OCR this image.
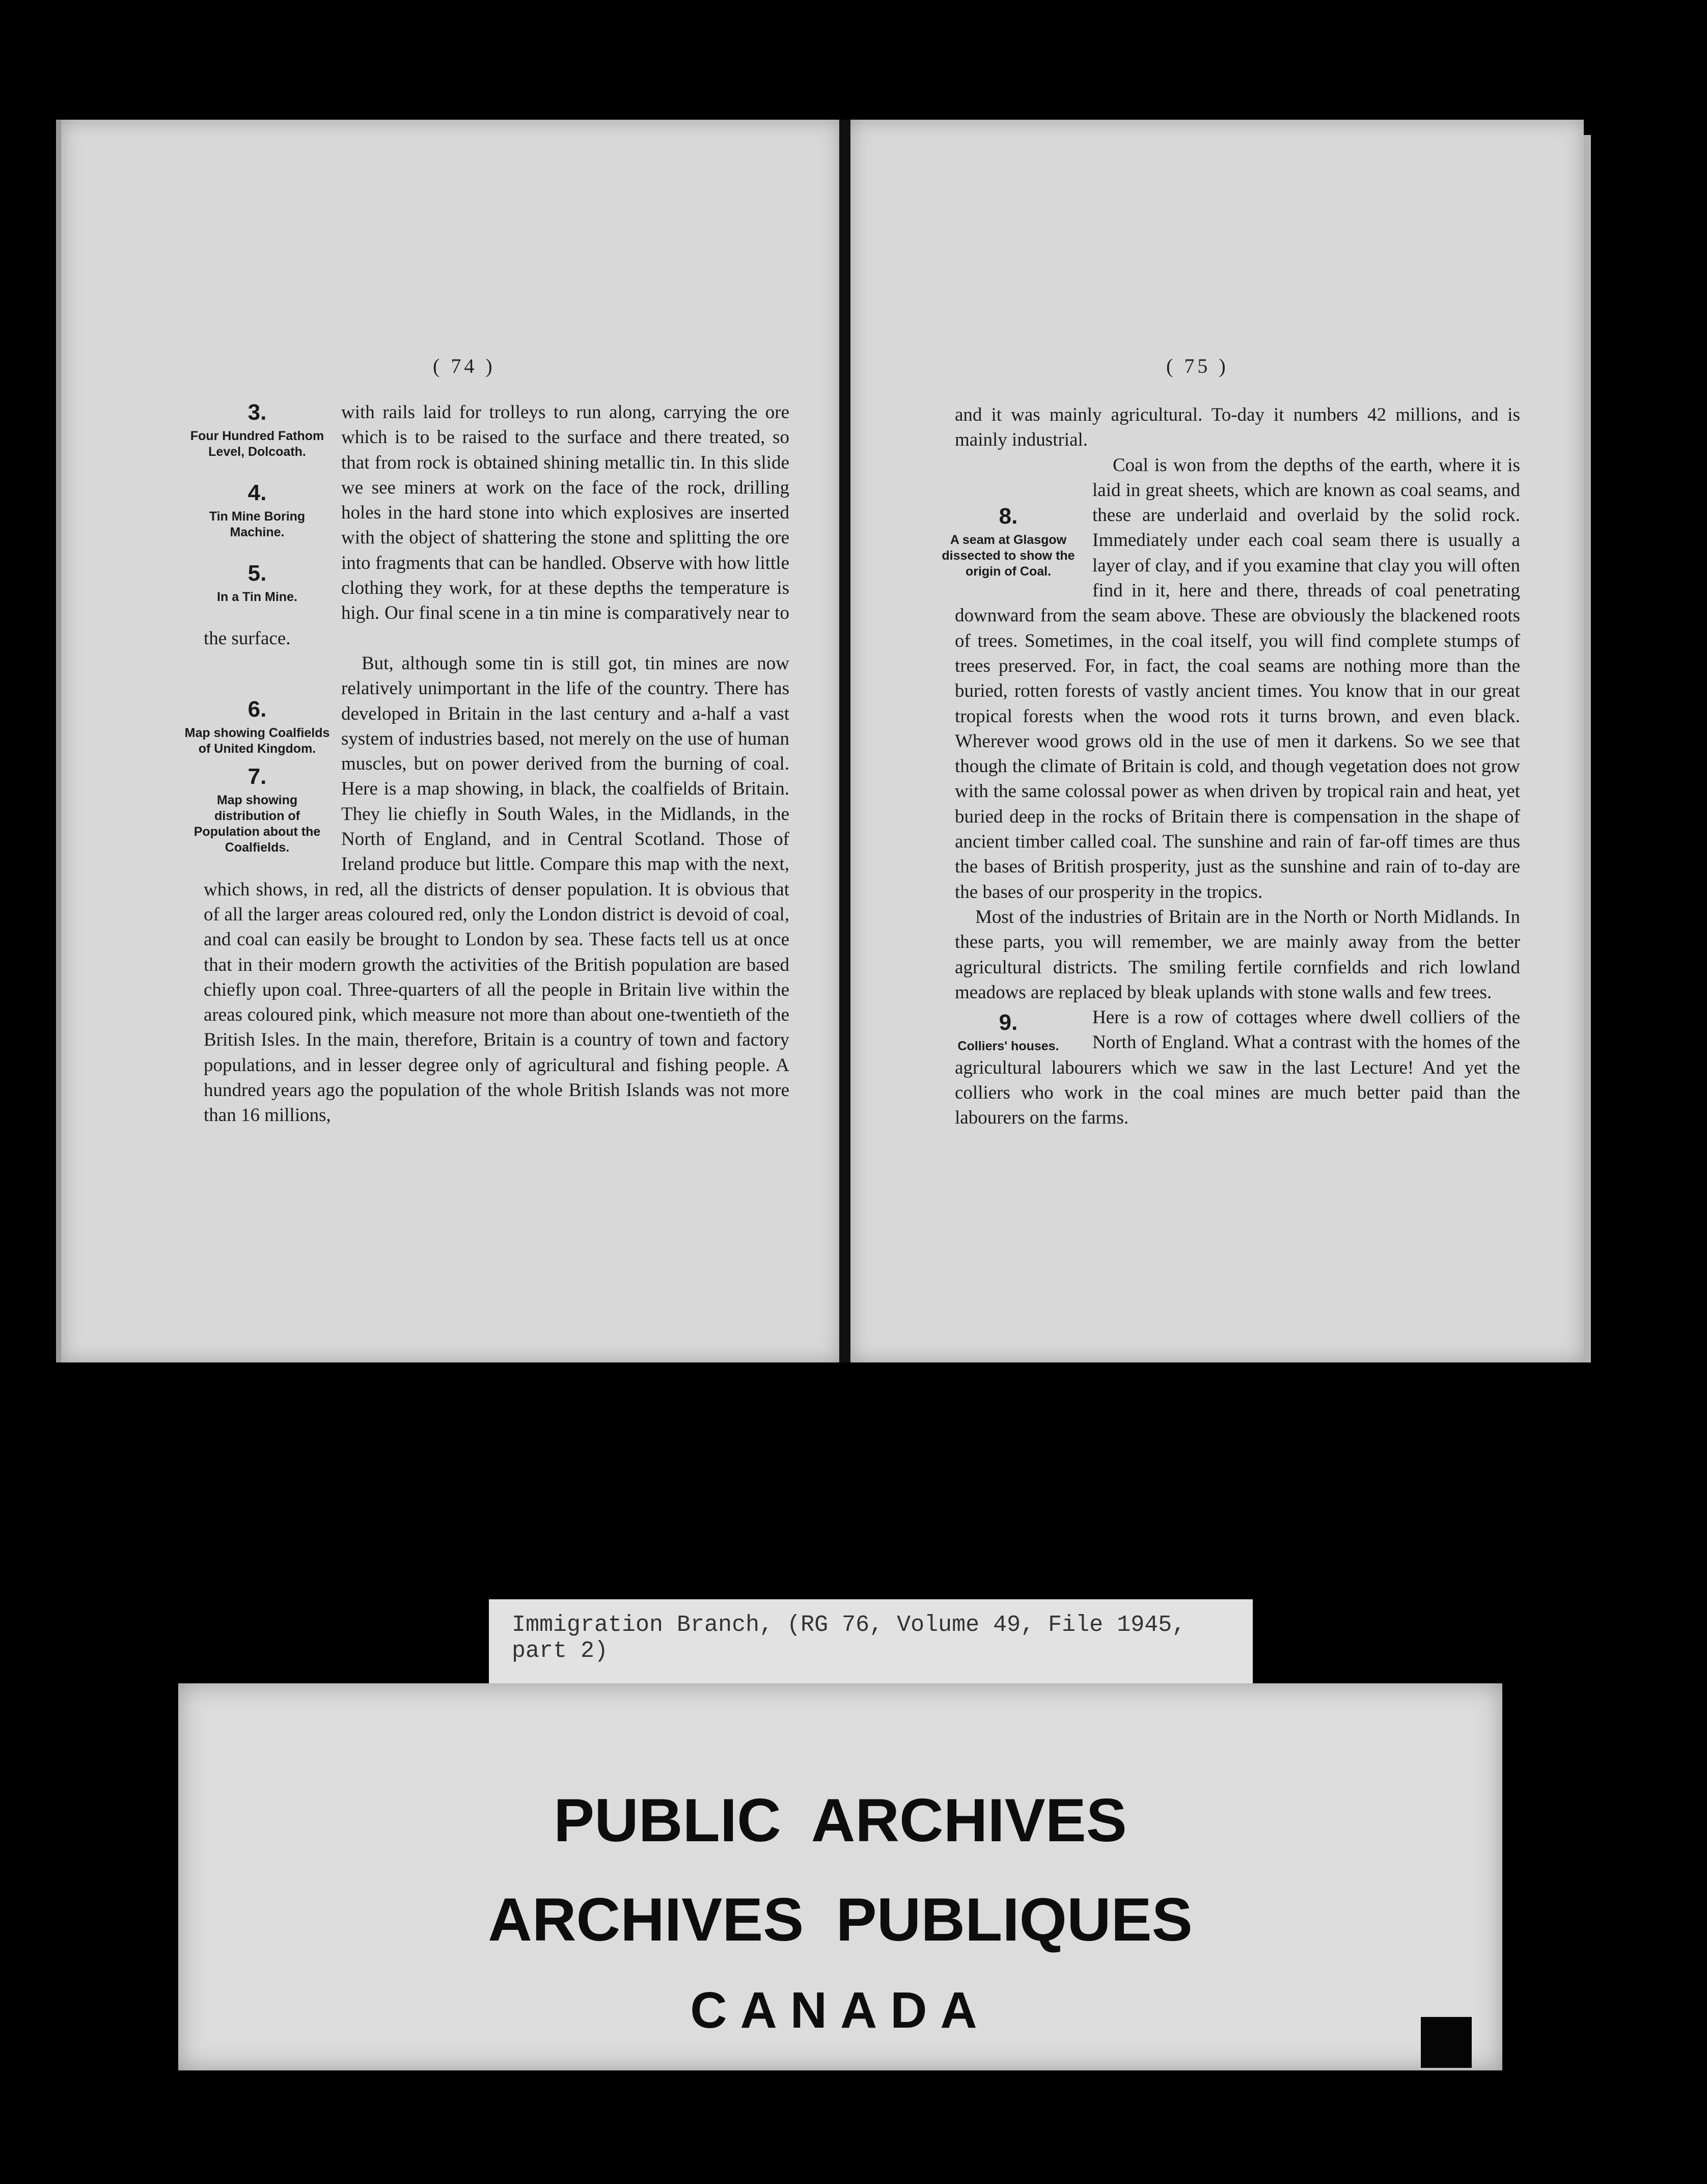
( 74 )
3.
Four Hundred Fathom Level, Dolcoath.
4.
Tin Mine Boring Machine.
5.
In a Tin Mine.

with rails laid for trolleys to run along, carrying the ore which is to be raised to the surface and there treated, so that from rock is obtained shining metallic tin. In this slide we see miners at work on the face of the rock, drilling holes in the hard stone into which explosives are inserted with the object of shattering the stone and splitting the ore into fragments that can be handled. Observe with how little clothing they work, for at these depths the temperature is high. Our final scene in a tin mine is comparatively near to the surface.

6.
Map showing Coalfields of United Kingdom.
7.
Map showing distribution of Population about the Coalfields.

But, although some tin is still got, tin mines are now relatively unimportant in the life of the country. There has developed in Britain in the last century and a-half a vast system of industries based, not merely on the use of human muscles, but on power derived from the burning of coal. Here is a map showing, in black, the coalfields of Britain. They lie chiefly in South Wales, in the Midlands, in the North of England, and in Central Scotland. Those of Ireland produce but little. Compare this map with the next, which shows, in red, all the districts of denser population. It is obvious that of all the larger areas coloured red, only the London district is devoid of coal, and coal can easily be brought to London by sea. These facts tell us at once that in their modern growth the activities of the British population are based chiefly upon coal. Three-quarters of all the people in Britain live within the areas coloured pink, which measure not more than about one-twentieth of the British Isles. In the main, therefore, Britain is a country of town and factory populations, and in lesser degree only of agricultural and fishing people. A hundred years ago the population of the whole British Islands was not more than 16 millions,

( 75 )

and it was mainly agricultural. To-day it numbers 42 millions, and is mainly industrial.

8.
A seam at Glasgow dissected to show the origin of Coal.

Coal is won from the depths of the earth, where it is laid in great sheets, which are known as coal seams, and these are underlaid and overlaid by the solid rock. Immediately under each coal seam there is usually a layer of clay, and if you examine that clay you will often find in it, here and there, threads of coal penetrating downward from the seam above. These are obviously the blackened roots of trees. Sometimes, in the coal itself, you will find complete stumps of trees preserved. For, in fact, the coal seams are nothing more than the buried, rotten forests of vastly ancient times. You know that in our great tropical forests when the wood rots it turns brown, and even black. Wherever wood grows old in the use of men it darkens. So we see that though the climate of Britain is cold, and though vegetation does not grow with the same colossal power as when driven by tropical rain and heat, yet buried deep in the rocks of Britain there is compensation in the shape of ancient timber called coal. The sunshine and rain of far-off times are thus the bases of British prosperity, just as the sunshine and rain of to-day are the bases of our prosperity in the tropics.

Most of the industries of Britain are in the North or North Midlands. In these parts, you will remember, we are mainly away from the better agricultural districts. The smiling fertile cornfields and rich lowland meadows are replaced by bleak uplands with stone walls and few trees.

9.
Colliers' houses.

Here is a row of cottages where dwell colliers of the North of England. What a contrast with the homes of the agricultural labourers which we saw in the last Lecture! And yet the colliers who work in the coal mines are much better paid than the labourers on the farms.

Immigration Branch, (RG 76, Volume 49, File 1945, part 2)
PUBLIC ARCHIVES
ARCHIVES PUBLIQUES
CANADA
